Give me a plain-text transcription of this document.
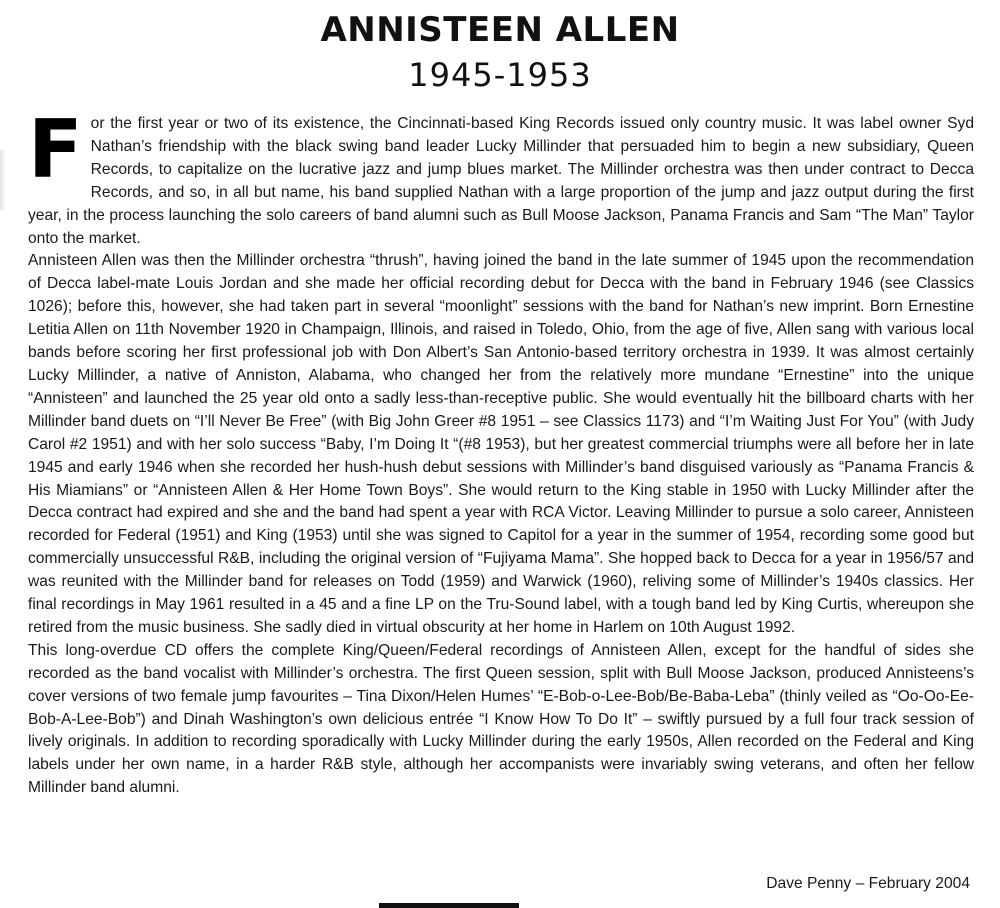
ANNISTEEN ALLEN
1945-1953

For the first year or two of its existence, the Cincinnati-based King Records issued only country music. It was label owner Syd Nathan’s friendship with the black swing band leader Lucky Millinder that persuaded him to begin a new subsidiary, Queen Records, to capitalize on the lucrative jazz and jump blues market. The Millinder orchestra was then under contract to Decca Records, and so, in all but name, his band supplied Nathan with a large proportion of the jump and jazz output during the first year, in the process launching the solo careers of band alumni such as Bull Moose Jackson, Panama Francis and Sam “The Man” Taylor onto the market.

Annisteen Allen was then the Millinder orchestra “thrush”, having joined the band in the late summer of 1945 upon the recommendation of Decca label-mate Louis Jordan and she made her official recording debut for Decca with the band in February 1946 (see Classics 1026); before this, however, she had taken part in several “moonlight” sessions with the band for Nathan’s new imprint. Born Ernestine Letitia Allen on 11th November 1920 in Champaign, Illinois, and raised in Toledo, Ohio, from the age of five, Allen sang with various local bands before scoring her first professional job with Don Albert’s San Antonio-based territory orchestra in 1939. It was almost certainly Lucky Millinder, a native of Anniston, Alabama, who changed her from the relatively more mundane “Ernestine” into the unique “Annisteen” and launched the 25 year old onto a sadly less-than-receptive public. She would eventually hit the billboard charts with her Millinder band duets on “I’ll Never Be Free” (with Big John Greer #8 1951 – see Classics 1173) and “I’m Waiting Just For You” (with Judy Carol #2 1951) and with her solo success “Baby, I’m Doing It “(#8 1953), but her greatest commercial triumphs were all before her in late 1945 and early 1946 when she recorded her hush-hush debut sessions with Millinder’s band disguised variously as “Panama Francis & His Miamians” or “Annisteen Allen & Her Home Town Boys”. She would return to the King stable in 1950 with Lucky Millinder after the Decca contract had expired and she and the band had spent a year with RCA Victor. Leaving Millinder to pursue a solo career, Annisteen recorded for Federal (1951) and King (1953) until she was signed to Capitol for a year in the summer of 1954, recording some good but commercially unsuccessful R&B, including the original version of “Fujiyama Mama”. She hopped back to Decca for a year in 1956/57 and was reunited with the Millinder band for releases on Todd (1959) and Warwick (1960), reliving some of Millinder’s 1940s classics. Her final recordings in May 1961 resulted in a 45 and a fine LP on the Tru-Sound label, with a tough band led by King Curtis, whereupon she retired from the music business. She sadly died in virtual obscurity at her home in Harlem on 10th August 1992.

This long-overdue CD offers the complete King/Queen/Federal recordings of Annisteen Allen, except for the handful of sides she recorded as the band vocalist with Millinder’s orchestra. The first Queen session, split with Bull Moose Jackson, produced Annisteens’s cover versions of two female jump favourites – Tina Dixon/Helen Humes’ “E-Bob-o-Lee-Bob/Be-Baba-Leba” (thinly veiled as “Oo-Oo-Ee-Bob-A-Lee-Bob”) and Dinah Washington’s own delicious entrée “I Know How To Do It” – swiftly pursued by a full four track session of lively originals. In addition to recording sporadically with Lucky Millinder during the early 1950s, Allen recorded on the Federal and King labels under her own name, in a harder R&B style, although her accompanists were invariably swing veterans, and often her fellow Millinder band alumni.

Dave Penny – February 2004
